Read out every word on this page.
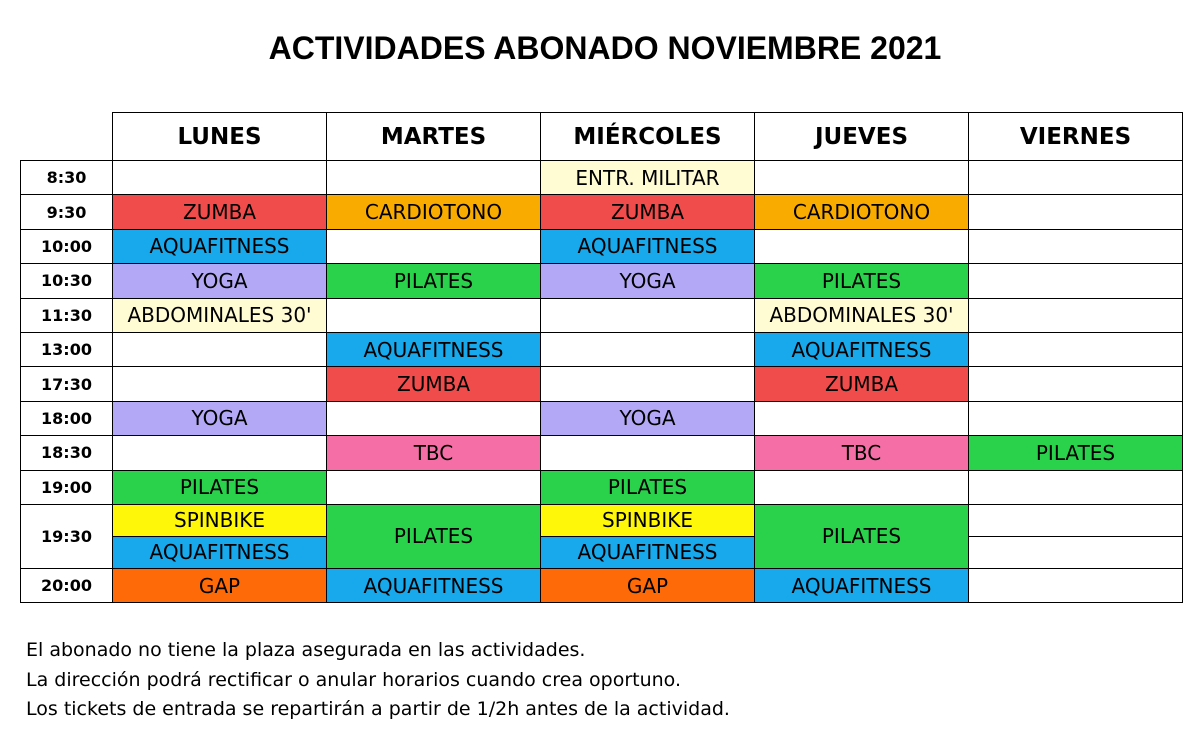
ACTIVIDADES ABONADO NOVIEMBRE 2021
	LUNES	MARTES	MIÉRCOLES	JUEVES	VIERNES
8:30			ENTR. MILITAR		
9:30	ZUMBA	CARDIOTONO	ZUMBA	CARDIOTONO	
10:00	AQUAFITNESS		AQUAFITNESS		
10:30	YOGA	PILATES	YOGA	PILATES	
11:30	ABDOMINALES 30'			ABDOMINALES 30'	
13:00		AQUAFITNESS		AQUAFITNESS	
17:30		ZUMBA		ZUMBA	
18:00	YOGA		YOGA		
18:30		TBC		TBC	PILATES
19:00	PILATES		PILATES		
19:30	SPINBIKE	PILATES	SPINBIKE	PILATES	
	AQUAFITNESS		AQUAFITNESS		
20:00	GAP	AQUAFITNESS	GAP	AQUAFITNESS	
El abonado no tiene la plaza asegurada en las actividades.
La dirección podrá rectificar o anular horarios cuando crea oportuno.
Los tickets de entrada se repartirán a partir de 1/2h antes de la actividad.
